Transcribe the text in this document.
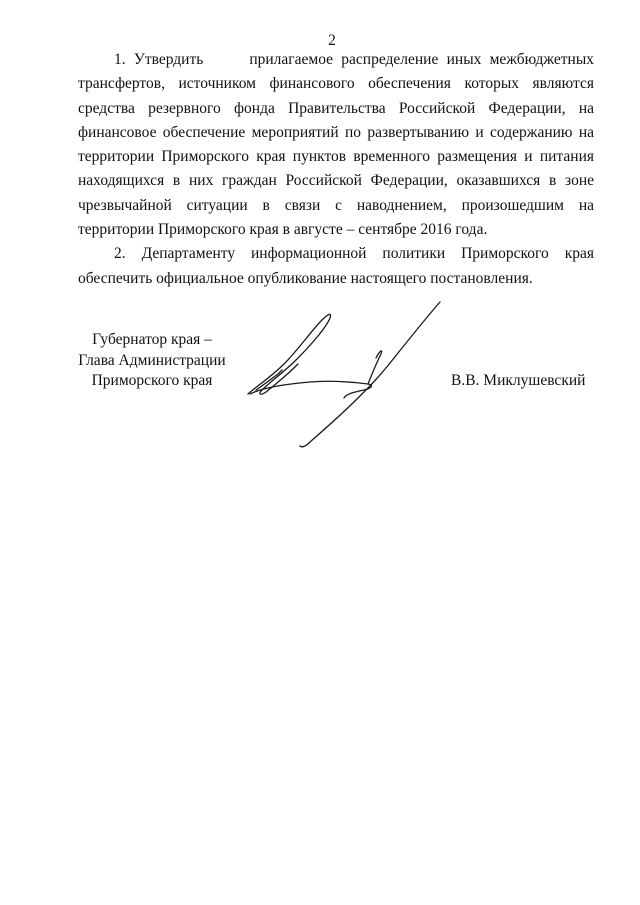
2

1. Утвердить	прилагаемое распределение иных межбюджетных трансфертов, источником финансового обеспечения которых являются средства резервного фонда Правительства Российской Федерации, на финансовое обеспечение мероприятий по развертыванию и содержанию на территории Приморского края пунктов временного размещения и питания находящихся в них граждан Российской Федерации, оказавшихся в зоне чрезвычайной ситуации в связи с наводнением, произошедшим на территории Приморского края в августе – сентябре 2016 года.

2. Департаменту информационной политики Приморского края обеспечить официальное опубликование настоящего постановления.

Губернатор края –
Глава Администрации
Приморского края	В.В. Миклушевский
